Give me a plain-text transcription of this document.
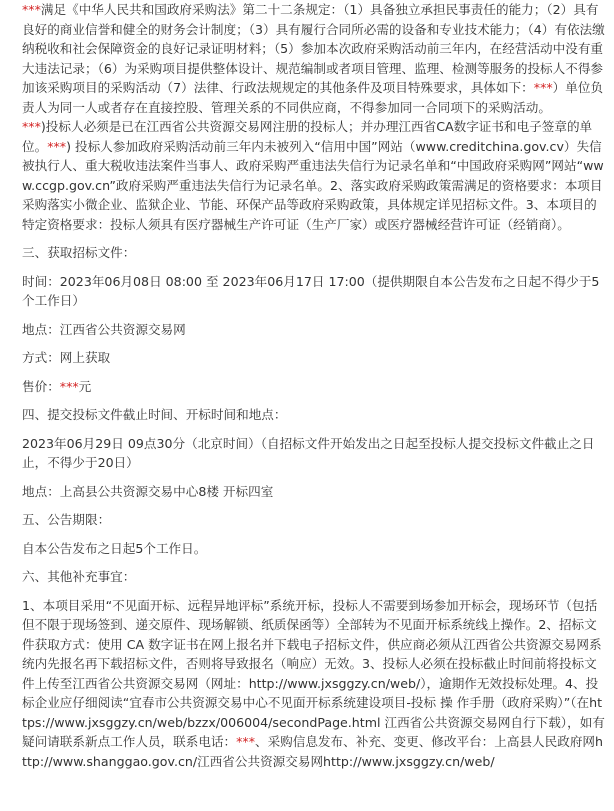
***满足《中华人民共和国政府采购法》第二十二条规定：（1）具备独立承担民事责任的能力；（2）具有良好的商业信誉和健全的财务会计制度；（3）具有履行合同所必需的设备和专业技术能力；（4）有依法缴纳税收和社会保障资金的良好记录证明材料；（5）参加本次政府采购活动前三年内，在经营活动中没有重大违法记录；（6）为采购项目提供整体设计、规范编制或者项目管理、监理、检测等服务的投标人不得参加该采购项目的采购活动（7）法律、行政法规规定的其他条件及项目特殊要求，具体如下：***）单位负责人为同一人或者存在直接控股、管理关系的不同供应商，不得参加同一合同项下的采购活动。
***)投标人必须是已在江西省公共资源交易网注册的投标人；并办理江西省CA数字证书和电子签章的单位。***) 投标人参加政府采购活动前三年内未被列入“信用中国”网站（www.creditchina.gov.cv）失信被执行人、重大税收违法案件当事人、政府采购严重违法失信行为记录名单和“中国政府采购网”网站“www.ccgp.gov.cn”政府采购严重违法失信行为记录名单。2、落实政府采购政策需满足的资格要求：本项目采购落实小微企业、监狱企业、节能、环保产品等政府采购政策，具体规定详见招标文件。3、本项目的特定资格要求：投标人须具有医疗器械生产许可证（生产厂家）或医疗器械经营许可证（经销商）。

三、获取招标文件：

时间：2023年06月08日 08:00 至 2023年06月17日 17:00（提供期限自本公告发布之日起不得少于5个工作日）

地点：江西省公共资源交易网

方式：网上获取

售价：***元

四、提交投标文件截止时间、开标时间和地点：

2023年06月29日 09点30分（北京时间）（自招标文件开始发出之日起至投标人提交投标文件截止之日止，不得少于20日）

地点：上高县公共资源交易中心8楼 开标四室

五、公告期限：

自本公告发布之日起5个工作日。

六、其他补充事宜：

1、本项目采用“不见面开标、远程异地评标”系统开标，投标人不需要到场参加开标会，现场环节（包括但不限于现场签到、递交原件、现场解锁、纸质保函等）全部转为不见面开标系统线上操作。2、招标文件获取方式：使用 CA 数字证书在网上报名并下载电子招标文件，供应商必须从江西省公共资源交易网系统内先报名再下载招标文件，否则将导致报名（响应）无效。3、投标人必须在投标截止时间前将投标文件上传至江西省公共资源交易网（网址：http://www.jxsggzy.cn/web/），逾期作无效投标处理。4、投标企业应仔细阅读“宜春市公共资源交易中心不见面开标系统建设项目-投标 操 作手册（政府采购）”（在https://www.jxsggzy.cn/web/bzzx/006004/secondPage.html 江西省公共资源交易网自行下载），如有疑问请联系新点工作人员，联系电话：***、采购信息发布、补充、变更、修改平台：上高县人民政府网http://www.shanggao.gov.cn/江西省公共资源交易网http://www.jxsggzy.cn/web/
